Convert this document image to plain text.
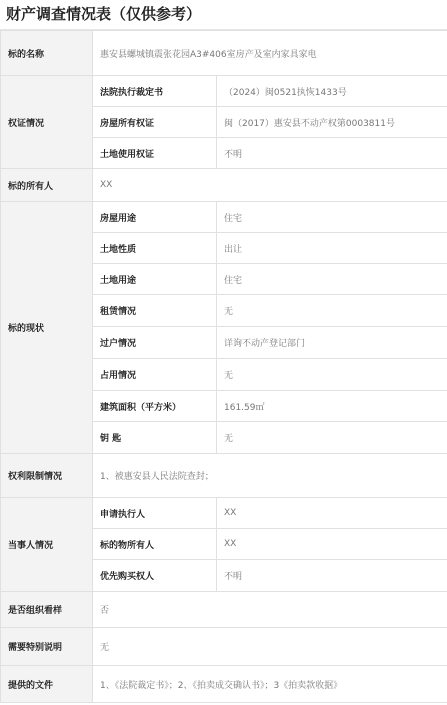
财产调查情况表（仅供参考）
标的名称	惠安县螺城镇震张花园A3#406室房产及室内家具家电	
权证情况	法院执行裁定书	（2024）闽0521执恢1433号
	房屋所有权证	闽（2017）惠安县不动产权第0003811号
	土地使用权证	不明
标的所有人	XX	
标的现状	房屋用途	住宅
	土地性质	出让
	土地用途	住宅
	租赁情况	无
	过户情况	详询不动产登记部门
	占用情况	无
	建筑面积（平方米）	161.59㎡
	钥 匙	无
权利限制情况	1、被惠安县人民法院查封；	
当事人情况	申请执行人	XX
	标的物所有人	XX
	优先购买权人	不明
是否组织看样	否	
需要特别说明	无	
提供的文件	1、《法院裁定书》；2、《拍卖成交确认书》；3《拍卖款收据》	
